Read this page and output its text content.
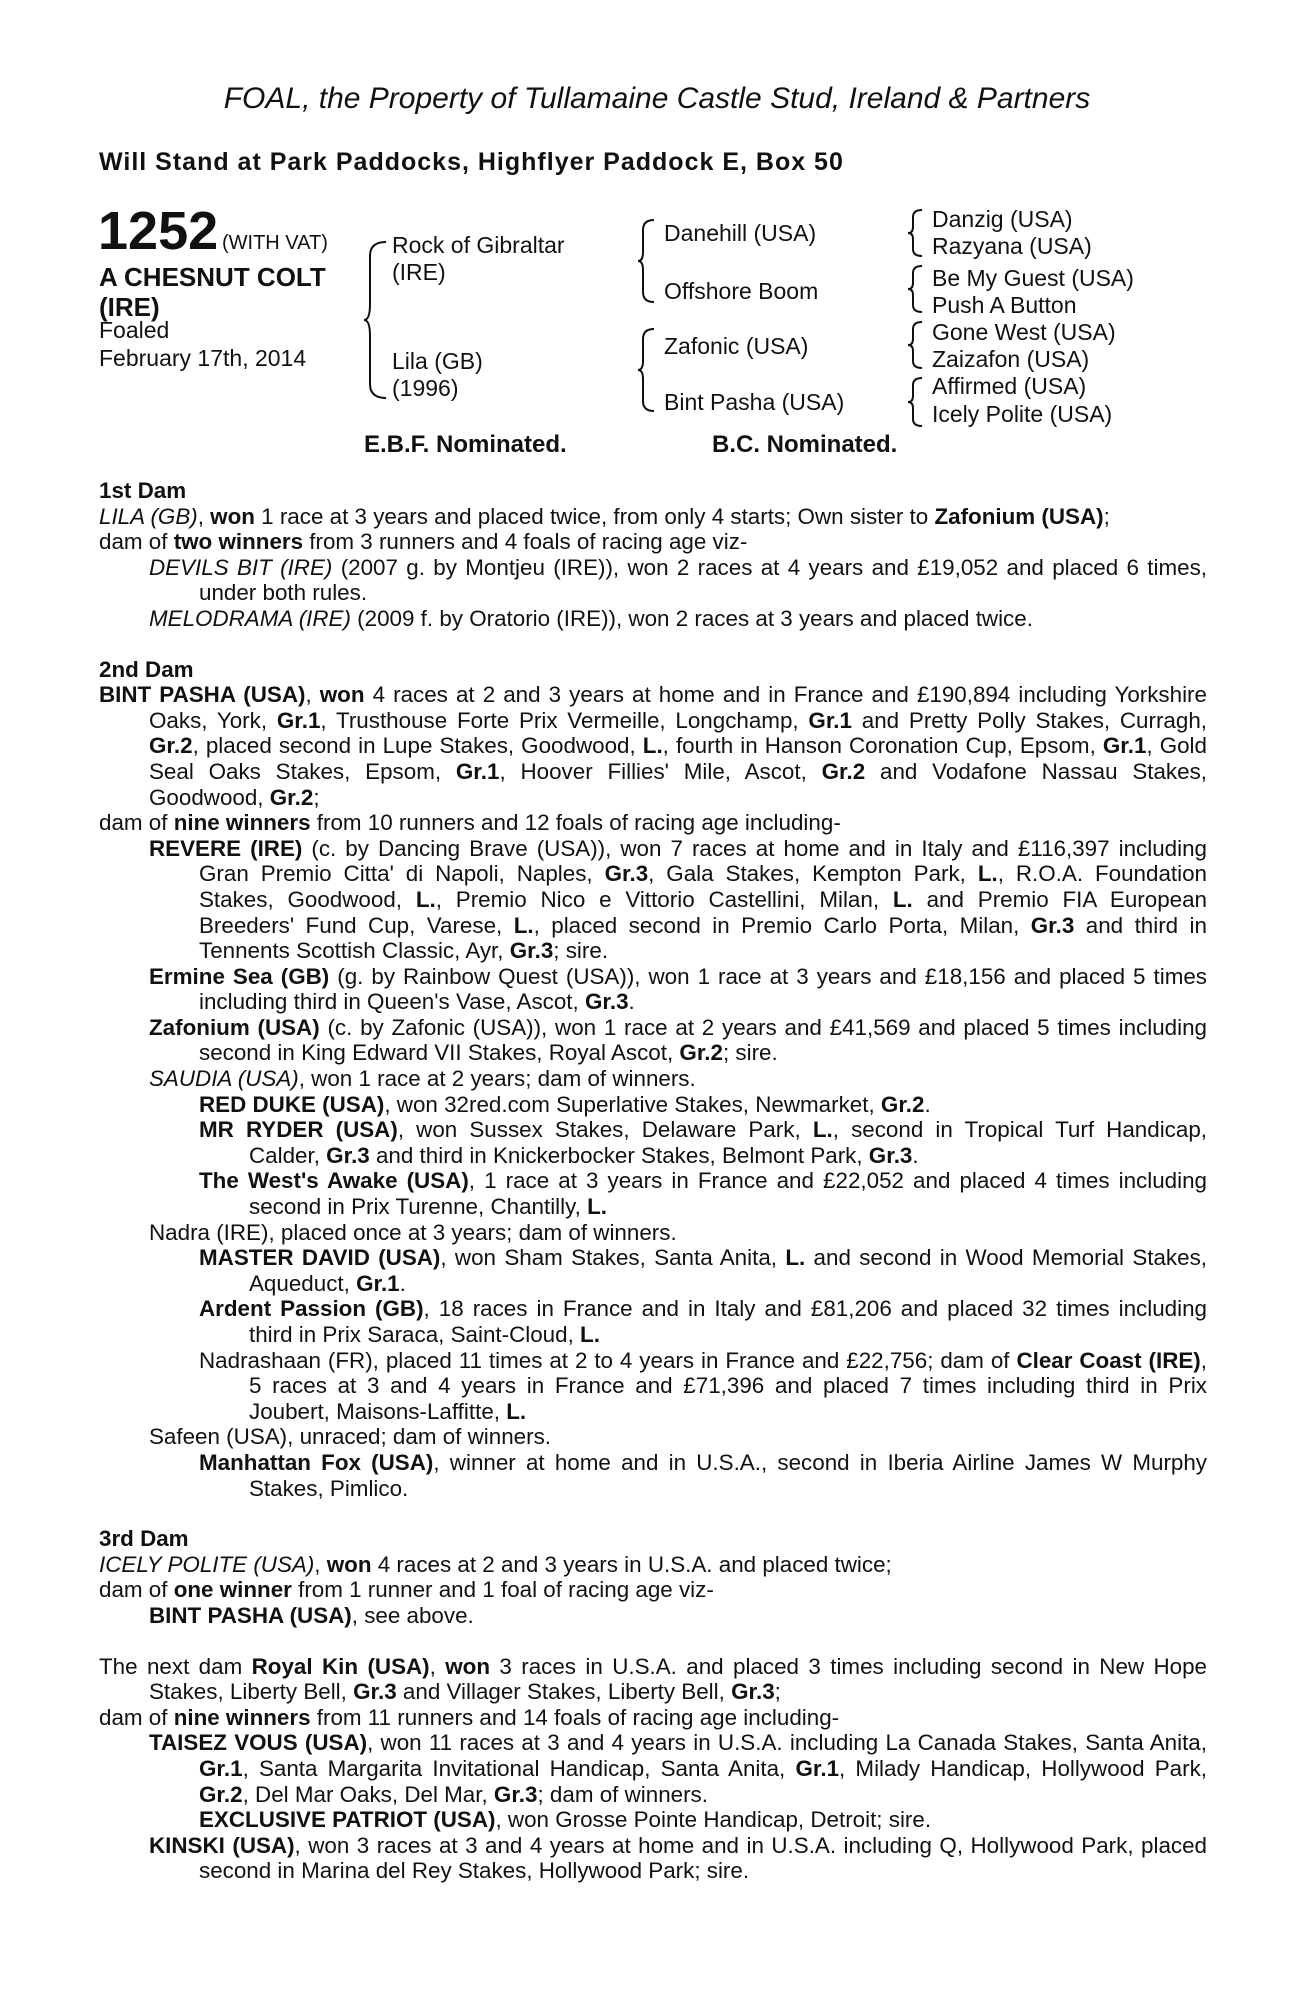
FOAL, the Property of Tullamaine Castle Stud, Ireland & Partners
Will Stand at Park Paddocks, Highflyer Paddock E, Box 50
1252 (WITH VAT)
A CHESNUT COLT (IRE)
Foaled
February 17th, 2014
Rock of Gibraltar
(IRE)
Lila (GB)
(1996)
Danehill (USA)
Offshore Boom
Zafonic (USA)
Bint Pasha (USA)
Danzig (USA)
Razyana (USA)
Be My Guest (USA)
Push A Button
Gone West (USA)
Zaizafon (USA)
Affirmed (USA)
Icely Polite (USA)
E.B.F. Nominated.	B.C. Nominated.
1st Dam

LILA (GB), won 1 race at 3 years and placed twice, from only 4 starts; Own sister to Zafonium (USA);

dam of two winners from 3 runners and 4 foals of racing age viz-

DEVILS BIT (IRE) (2007 g. by Montjeu (IRE)), won 2 races at 4 years and £19,052 and placed 6 times, under both rules.

MELODRAMA (IRE) (2009 f. by Oratorio (IRE)), won 2 races at 3 years and placed twice.

2nd Dam

BINT PASHA (USA), won 4 races at 2 and 3 years at home and in France and £190,894 including Yorkshire Oaks, York, Gr.1, Trusthouse Forte Prix Vermeille, Longchamp, Gr.1 and Pretty Polly Stakes, Curragh, Gr.2, placed second in Lupe Stakes, Goodwood, L., fourth in Hanson Coronation Cup, Epsom, Gr.1, Gold Seal Oaks Stakes, Epsom, Gr.1, Hoover Fillies' Mile, Ascot, Gr.2 and Vodafone Nassau Stakes, Goodwood, Gr.2;

dam of nine winners from 10 runners and 12 foals of racing age including-

REVERE (IRE) (c. by Dancing Brave (USA)), won 7 races at home and in Italy and £116,397 including Gran Premio Citta' di Napoli, Naples, Gr.3, Gala Stakes, Kempton Park, L., R.O.A. Foundation Stakes, Goodwood, L., Premio Nico e Vittorio Castellini, Milan, L. and Premio FIA European Breeders' Fund Cup, Varese, L., placed second in Premio Carlo Porta, Milan, Gr.3 and third in Tennents Scottish Classic, Ayr, Gr.3; sire.

Ermine Sea (GB) (g. by Rainbow Quest (USA)), won 1 race at 3 years and £18,156 and placed 5 times including third in Queen's Vase, Ascot, Gr.3.

Zafonium (USA) (c. by Zafonic (USA)), won 1 race at 2 years and £41,569 and placed 5 times including second in King Edward VII Stakes, Royal Ascot, Gr.2; sire.

SAUDIA (USA), won 1 race at 2 years; dam of winners.

RED DUKE (USA), won 32red.com Superlative Stakes, Newmarket, Gr.2.

MR RYDER (USA), won Sussex Stakes, Delaware Park, L., second in Tropical Turf Handicap, Calder, Gr.3 and third in Knickerbocker Stakes, Belmont Park, Gr.3.

The West's Awake (USA), 1 race at 3 years in France and £22,052 and placed 4 times including second in Prix Turenne, Chantilly, L.

Nadra (IRE), placed once at 3 years; dam of winners.

MASTER DAVID (USA), won Sham Stakes, Santa Anita, L. and second in Wood Memorial Stakes, Aqueduct, Gr.1.

Ardent Passion (GB), 18 races in France and in Italy and £81,206 and placed 32 times including third in Prix Saraca, Saint-Cloud, L.

Nadrashaan (FR), placed 11 times at 2 to 4 years in France and £22,756; dam of Clear Coast (IRE), 5 races at 3 and 4 years in France and £71,396 and placed 7 times including third in Prix Joubert, Maisons-Laffitte, L.

Safeen (USA), unraced; dam of winners.

Manhattan Fox (USA), winner at home and in U.S.A., second in Iberia Airline James W Murphy Stakes, Pimlico.

3rd Dam

ICELY POLITE (USA), won 4 races at 2 and 3 years in U.S.A. and placed twice;

dam of one winner from 1 runner and 1 foal of racing age viz-

BINT PASHA (USA), see above.

The next dam Royal Kin (USA), won 3 races in U.S.A. and placed 3 times including second in New Hope Stakes, Liberty Bell, Gr.3 and Villager Stakes, Liberty Bell, Gr.3;

dam of nine winners from 11 runners and 14 foals of racing age including-

TAISEZ VOUS (USA), won 11 races at 3 and 4 years in U.S.A. including La Canada Stakes, Santa Anita, Gr.1, Santa Margarita Invitational Handicap, Santa Anita, Gr.1, Milady Handicap, Hollywood Park, Gr.2, Del Mar Oaks, Del Mar, Gr.3; dam of winners.

EXCLUSIVE PATRIOT (USA), won Grosse Pointe Handicap, Detroit; sire.

KINSKI (USA), won 3 races at 3 and 4 years at home and in U.S.A. including Q, Hollywood Park, placed second in Marina del Rey Stakes, Hollywood Park; sire.
